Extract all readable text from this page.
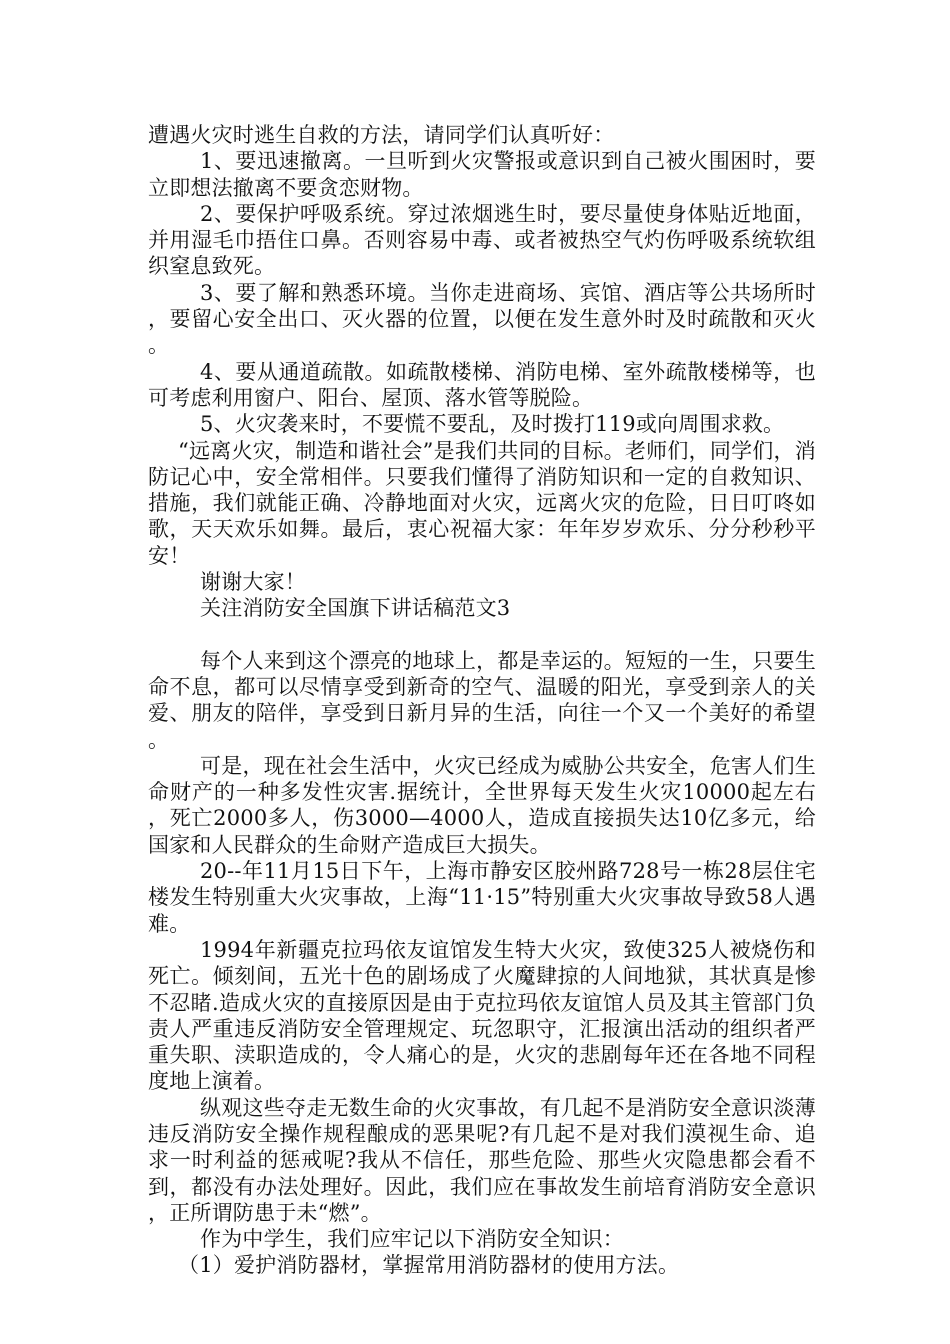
遭遇火灾时逃生自救的方法，请同学们认真听好：

1、要迅速撤离。一旦听到火灾警报或意识到自己被火围困时，要立即想法撤离不要贪恋财物。

2、要保护呼吸系统。穿过浓烟逃生时，要尽量使身体贴近地面，并用湿毛巾捂住口鼻。否则容易中毒、或者被热空气灼伤呼吸系统软组织窒息致死。

3、要了解和熟悉环境。当你走进商场、宾馆、酒店等公共场所时，要留心安全出口、灭火器的位置，以便在发生意外时及时疏散和灭火。

4、要从通道疏散。如疏散楼梯、消防电梯、室外疏散楼梯等，也可考虑利用窗户、阳台、屋顶、落水管等脱险。

5、火灾袭来时，不要慌不要乱，及时拨打119或向周围求救。

“远离火灾，制造和谐社会”是我们共同的目标。老师们，同学们，消防记心中，安全常相伴。只要我们懂得了消防知识和一定的自救知识、措施，我们就能正确、冷静地面对火灾，远离火灾的危险，日日叮咚如歌，天天欢乐如舞。最后，衷心祝福大家：年年岁岁欢乐、分分秒秒平安！

谢谢大家！

关注消防安全国旗下讲话稿范文3

每个人来到这个漂亮的地球上，都是幸运的。短短的一生，只要生命不息，都可以尽情享受到新奇的空气、温暖的阳光，享受到亲人的关爱、朋友的陪伴，享受到日新月异的生活，向往一个又一个美好的希望。

可是，现在社会生活中，火灾已经成为威胁公共安全，危害人们生命财产的一种多发性灾害.据统计，全世界每天发生火灾10000起左右，死亡2000多人，伤3000—4000人，造成直接损失达10亿多元，给国家和人民群众的生命财产造成巨大损失。

20--年11月15日下午，上海市静安区胶州路728号一栋28层住宅楼发生特别重大火灾事故，上海“11·15”特别重大火灾事故导致58人遇难。

1994年新疆克拉玛依友谊馆发生特大火灾，致使325人被烧伤和死亡。倾刻间，五光十色的剧场成了火魔肆掠的人间地狱，其状真是惨不忍睹.造成火灾的直接原因是由于克拉玛依友谊馆人员及其主管部门负责人严重违反消防安全管理规定、玩忽职守，汇报演出活动的组织者严重失职、渎职造成的，令人痛心的是，火灾的悲剧每年还在各地不同程度地上演着。

纵观这些夺走无数生命的火灾事故，有几起不是消防安全意识淡薄违反消防安全操作规程酿成的恶果呢?有几起不是对我们漠视生命、追求一时利益的惩戒呢?我从不信任，那些危险、那些火灾隐患都会看不到，都没有办法处理好。因此，我们应在事故发生前培育消防安全意识，正所谓防患于未“燃”。

作为中学生，我们应牢记以下消防安全知识：

（1）爱护消防器材，掌握常用消防器材的使用方法。
